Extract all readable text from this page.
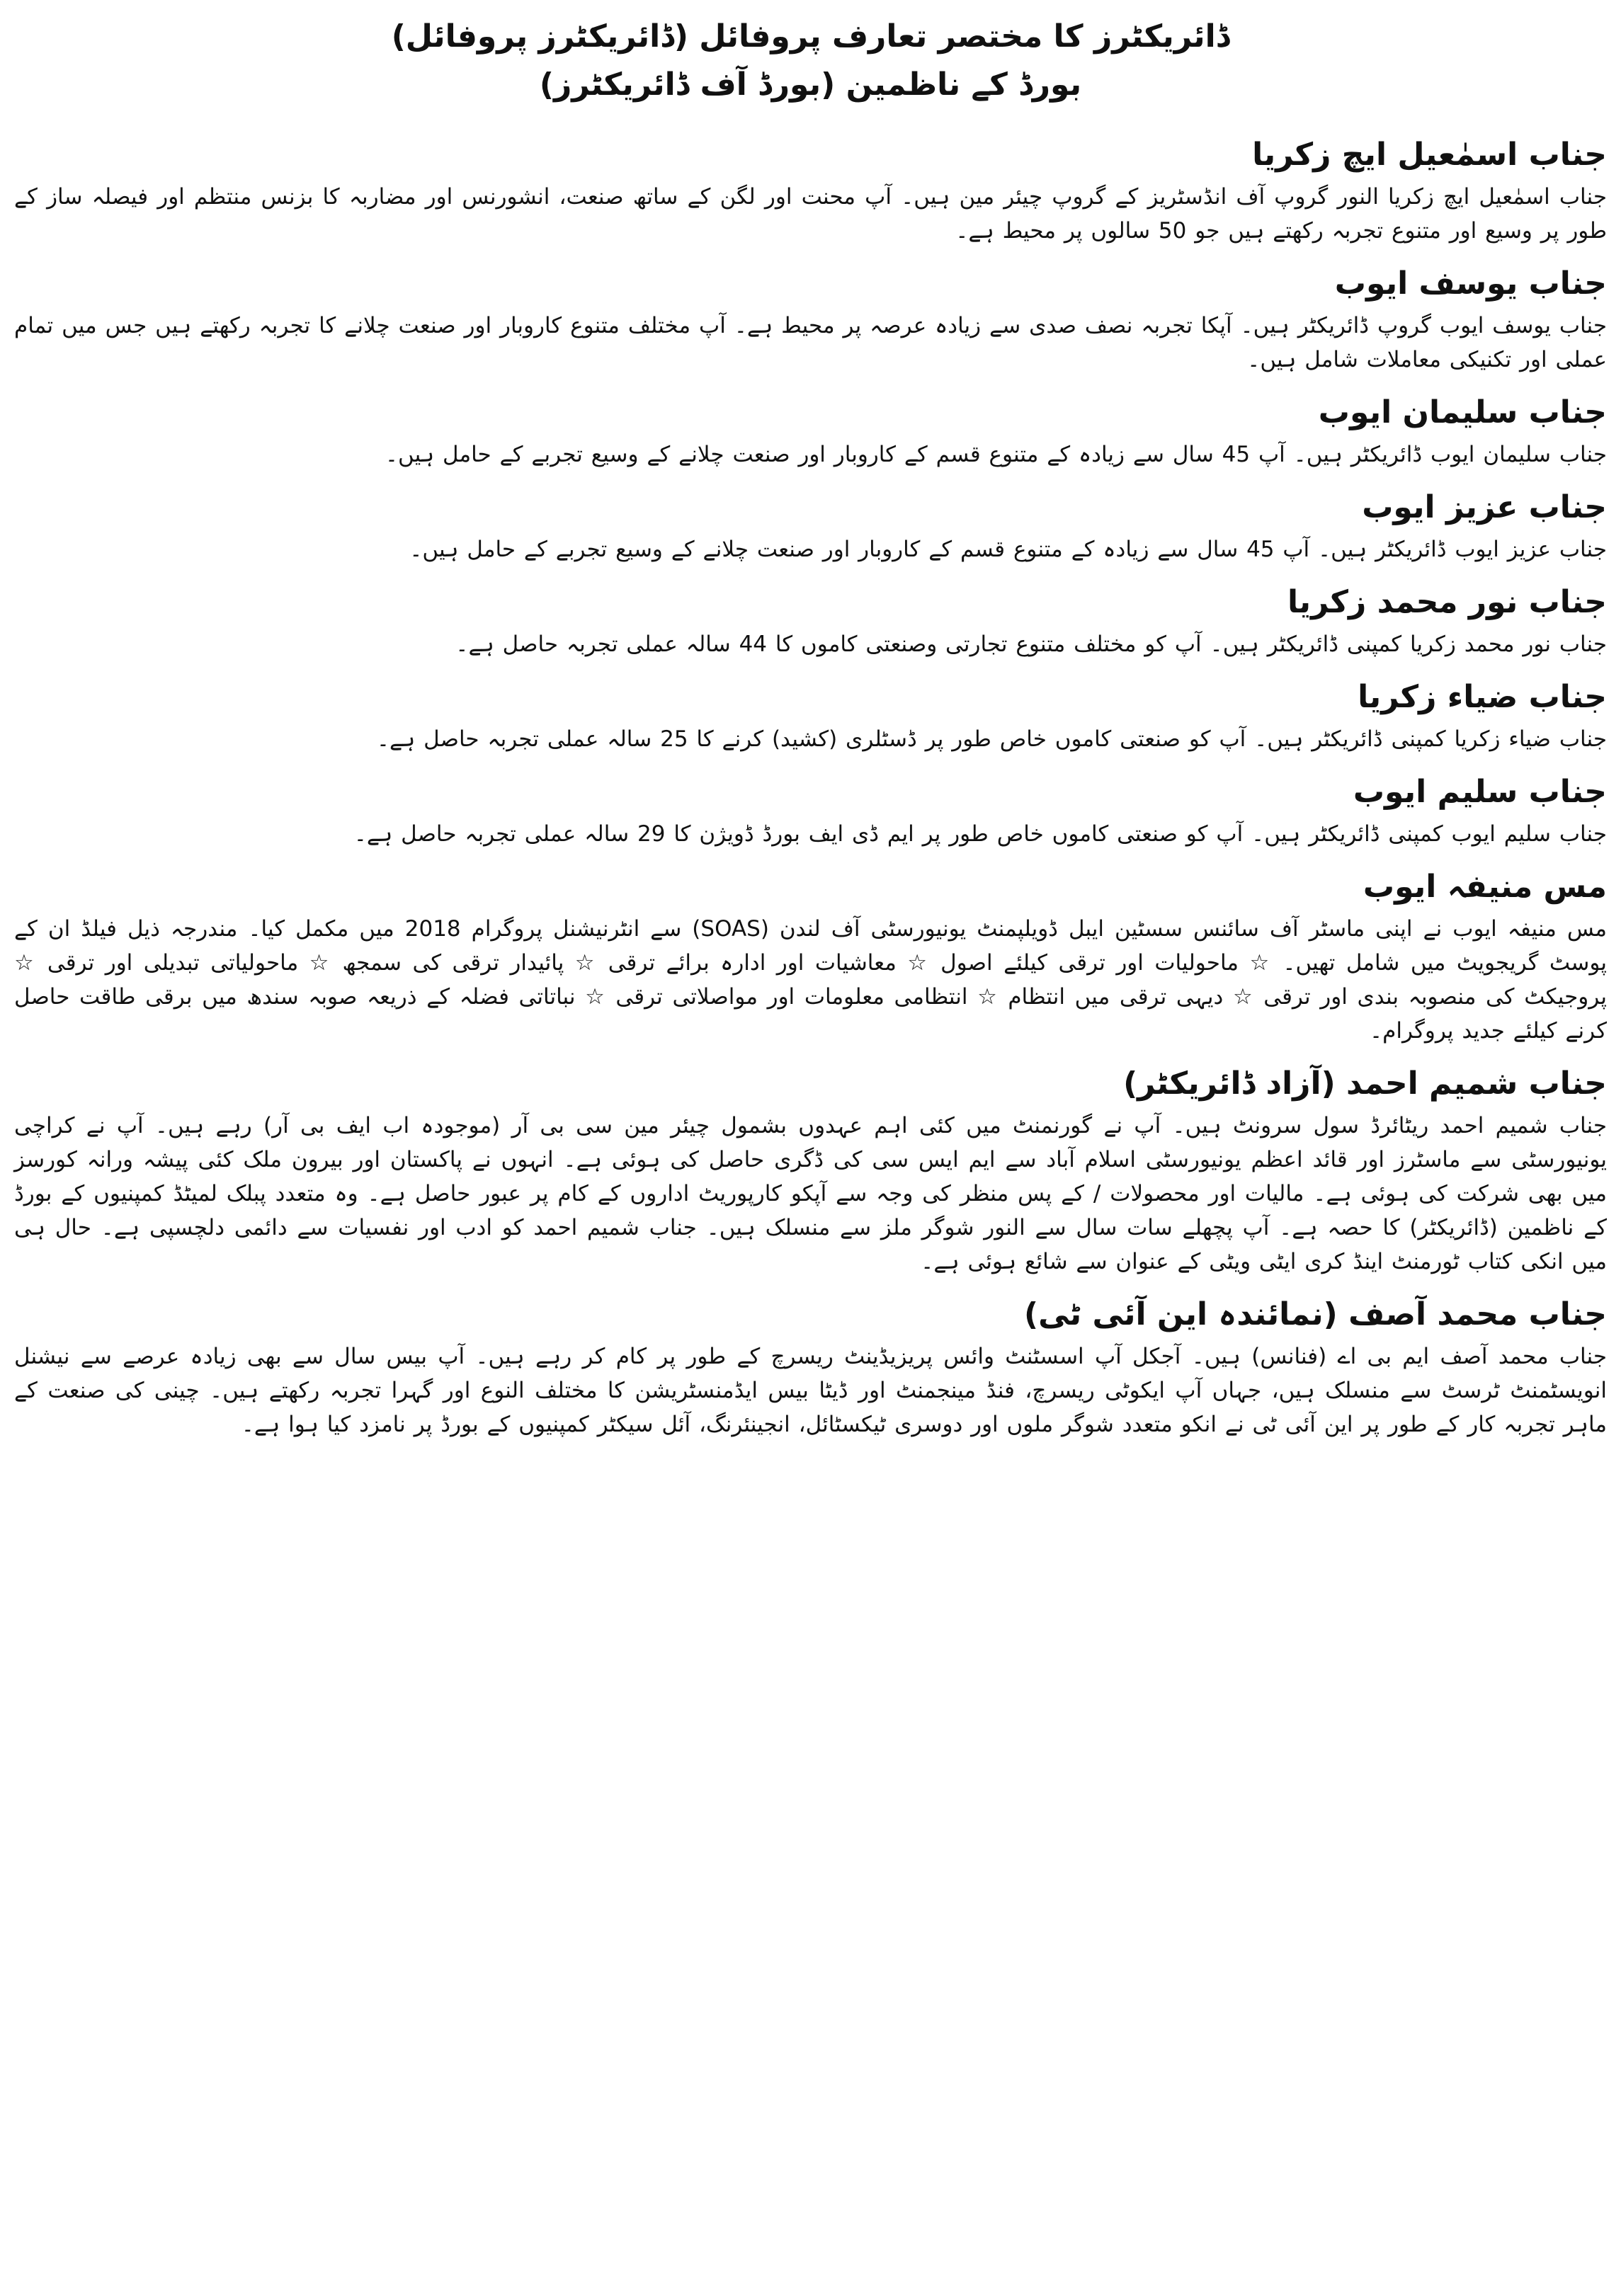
ڈائریکٹرز کا مختصر تعارف پروفائل (ڈائریکٹرز پروفائل)
بورڈ کے ناظمین (بورڈ آف ڈائریکٹرز)
جناب اسمٰعیل ایچ زکریا

جناب اسمٰعیل ایچ زکریا النور گروپ آف انڈسٹریز کے گروپ چیئر مین ہیں۔ آپ محنت اور لگن کے ساتھ صنعت، انشورنس اور مضاربہ کا بزنس منتظم اور فیصلہ ساز کے طور پر وسیع اور متنوع تجربہ رکھتے ہیں جو 50 سالوں پر محیط ہے۔

جناب یوسف ایوب

جناب یوسف ایوب گروپ ڈائریکٹر ہیں۔ آپکا تجربہ نصف صدی سے زیادہ عرصہ پر محیط ہے۔ آپ مختلف متنوع کاروبار اور صنعت چلانے کا تجربہ رکھتے ہیں جس میں تمام عملی اور تکنیکی معاملات شامل ہیں۔

جناب سلیمان ایوب

جناب سلیمان ایوب ڈائریکٹر ہیں۔ آپ 45 سال سے زیادہ کے متنوع قسم کے کاروبار اور صنعت چلانے کے وسیع تجربے کے حامل ہیں۔

جناب عزیز ایوب

جناب عزیز ایوب ڈائریکٹر ہیں۔ آپ 45 سال سے زیادہ کے متنوع قسم کے کاروبار اور صنعت چلانے کے وسیع تجربے کے حامل ہیں۔

جناب نور محمد زکریا

جناب نور محمد زکریا کمپنی ڈائریکٹر ہیں۔ آپ کو مختلف متنوع تجارتی وصنعتی کاموں کا 44 سالہ عملی تجربہ حاصل ہے۔

جناب ضیاء زکریا

جناب ضیاء زکریا کمپنی ڈائریکٹر ہیں۔ آپ کو صنعتی کاموں خاص طور پر ڈسٹلری (کشید) کرنے کا 25 سالہ عملی تجربہ حاصل ہے۔

جناب سلیم ایوب

جناب سلیم ایوب کمپنی ڈائریکٹر ہیں۔ آپ کو صنعتی کاموں خاص طور پر ایم ڈی ایف بورڈ ڈویژن کا 29 سالہ عملی تجربہ حاصل ہے۔

مس منیفہ ایوب

مس منیفہ ایوب نے اپنی ماسٹر آف سائنس سسٹین ایبل ڈویلپمنٹ یونیورسٹی آف لندن (SOAS) سے انٹرنیشنل پروگرام 2018 میں مکمل کیا۔ مندرجہ ذیل فیلڈ ان کے پوسٹ گریجویٹ میں شامل تھیں۔ ☆ ماحولیات اور ترقی کیلئے اصول ☆ معاشیات اور ادارہ برائے ترقی ☆ پائیدار ترقی کی سمجھ ☆ ماحولیاتی تبدیلی اور ترقی ☆ پروجیکٹ کی منصوبہ بندی اور ترقی ☆ دیہی ترقی میں انتظام ☆ انتظامی معلومات اور مواصلاتی ترقی ☆ نباتاتی فضلہ کے ذریعہ صوبہ سندھ میں برقی طاقت حاصل کرنے کیلئے جدید پروگرام۔

جناب شمیم احمد (آزاد ڈائریکٹر)

جناب شمیم احمد ریٹائرڈ سول سرونٹ ہیں۔ آپ نے گورنمنٹ میں کئی اہم عہدوں بشمول چیئر مین سی بی آر (موجودہ اب ایف بی آر) رہے ہیں۔ آپ نے کراچی یونیورسٹی سے ماسٹرز اور قائد اعظم یونیورسٹی اسلام آباد سے ایم ایس سی کی ڈگری حاصل کی ہوئی ہے۔ انہوں نے پاکستان اور بیرون ملک کئی پیشہ ورانہ کورسز میں بھی شرکت کی ہوئی ہے۔ مالیات اور محصولات / کے پس منظر کی وجہ سے آپکو کارپوریٹ اداروں کے کام پر عبور حاصل ہے۔ وہ متعدد پبلک لمیٹڈ کمپنیوں کے بورڈ کے ناظمین (ڈائریکٹر) کا حصہ ہے۔ آپ پچھلے سات سال سے النور شوگر ملز سے منسلک ہیں۔ جناب شمیم احمد کو ادب اور نفسیات سے دائمی دلچسپی ہے۔ حال ہی میں انکی کتاب ٹورمنٹ اینڈ کری ایٹی ویٹی کے عنوان سے شائع ہوئی ہے۔

جناب محمد آصف (نمائندہ این آئی ٹی)

جناب محمد آصف ایم بی اے (فنانس) ہیں۔ آجکل آپ اسسٹنٹ وائس پریزیڈینٹ ریسرچ کے طور پر کام کر رہے ہیں۔ آپ بیس سال سے بھی زیادہ عرصے سے نیشنل انویسٹمنٹ ٹرسٹ سے منسلک ہیں، جہاں آپ ایکوٹی ریسرچ، فنڈ مینجمنٹ اور ڈیٹا بیس ایڈمنسٹریشن کا مختلف النوع اور گہرا تجربہ رکھتے ہیں۔ چینی کی صنعت کے ماہر تجربہ کار کے طور پر این آئی ٹی نے انکو متعدد شوگر ملوں اور دوسری ٹیکسٹائل، انجینئرنگ، آئل سیکٹر کمپنیوں کے بورڈ پر نامزد کیا ہوا ہے۔
